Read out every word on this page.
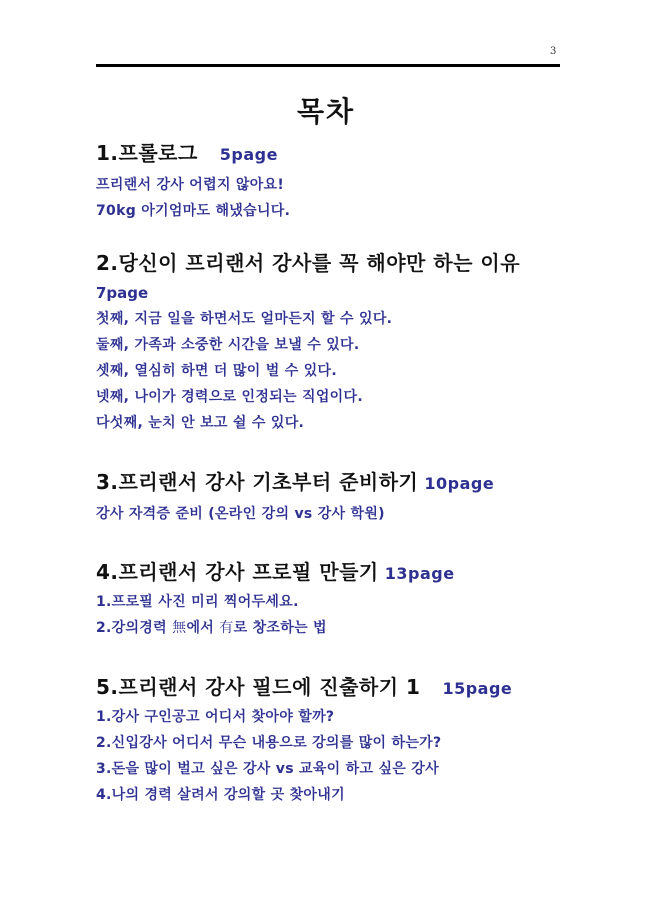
3
목차
1.프롤로그 5page
프리랜서 강사 어렵지 않아요!
70kg 아기엄마도 해냈습니다.
2.당신이 프리랜서 강사를 꼭 해야만 하는 이유
7page
첫째, 지금 일을 하면서도 얼마든지 할 수 있다.
둘째, 가족과 소중한 시간을 보낼 수 있다.
셋째, 열심히 하면 더 많이 벌 수 있다.
넷째, 나이가 경력으로 인정되는 직업이다.
다섯째, 눈치 안 보고 쉴 수 있다.
3.프리랜서 강사 기초부터 준비하기 10page
강사 자격증 준비 (온라인 강의 vs 강사 학원)
4.프리랜서 강사 프로필 만들기 13page
1.프로필 사진 미리 찍어두세요.
2.강의경력 無에서 有로 창조하는 법
5.프리랜서 강사 필드에 진출하기 1 15page
1.강사 구인공고 어디서 찾아야 할까?
2.신입강사 어디서 무슨 내용으로 강의를 많이 하는가?
3.돈을 많이 벌고 싶은 강사 vs 교육이 하고 싶은 강사
4.나의 경력 살려서 강의할 곳 찾아내기
